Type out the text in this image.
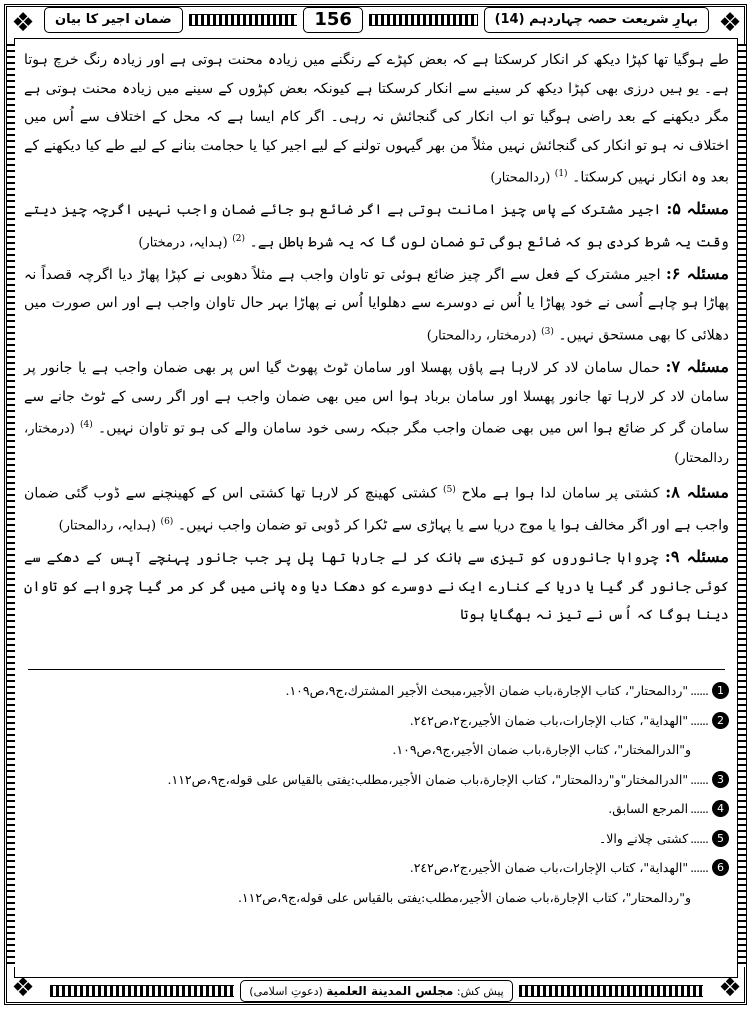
❖	❖
❖	❖
ضمان اجیر کا بیان	156	بہارِ شریعت حصہ چہاردہم (14)

طے ہوگیا تھا کپڑا دیکھ کر انکار کرسکتا ہے کہ بعض کپڑے کے رنگنے میں زیادہ محنت ہوتی ہے اور زیادہ رنگ خرچ ہوتا ہے۔ یو ہیں درزی بھی کپڑا دیکھ کر سینے سے انکار کرسکتا ہے کیونکہ بعض کپڑوں کے سینے میں زیادہ محنت ہوتی ہے مگر دیکھنے کے بعد راضی ہوگیا تو اب انکار کی گنجائش نہ رہی۔ اگر کام ایسا ہے کہ محل کے اختلاف سے اُس میں اختلاف نہ ہو تو انکار کی گنجائش نہیں مثلاً من بھر گیہوں تولنے کے لیے اجیر کیا یا حجامت بنانے کے لیے طے کیا دیکھنے کے بعد وہ انکار نہیں کرسکتا۔ $^{(1)}$ (ردالمحتار)

مسئلہ ۵: اجیر مشترک کے پاس چیز امانت ہوتی ہے اگر ضائع ہو جائے ضمان واجب نہیں اگرچہ چیز دیتے وقت یہ شرط کردی ہو کہ ضائع ہوگی تو ضمان لوں گا کہ یہ شرط باطل ہے۔ $^{(2)}$ (ہدایہ، درمختار)

مسئلہ ۶: اجیر مشترک کے فعل سے اگر چیز ضائع ہوئی تو تاوان واجب ہے مثلاً دھوبی نے کپڑا پھاڑ دیا اگرچہ قصداً نہ پھاڑا ہو چاہے اُسی نے خود پھاڑا یا اُس نے دوسرے سے دھلوایا اُس نے پھاڑا بہر حال تاوان واجب ہے اور اس صورت میں دھلائی کا بھی مستحق نہیں۔ $^{(3)}$ (درمختار، ردالمحتار)

مسئلہ ۷: حمال سامان لاد کر لارہا ہے پاؤں پھسلا اور سامان ٹوٹ پھوٹ گیا اس پر بھی ضمان واجب ہے یا جانور پر سامان لاد کر لارہا تھا جانور پھسلا اور سامان برباد ہوا اس میں بھی ضمان واجب ہے اور اگر رسی کے ٹوٹ جانے سے سامان گر کر ضائع ہوا اس میں بھی ضمان واجب مگر جبکہ رسی خود سامان والے کی ہو تو تاوان نہیں۔ $^{(4)}$ (درمختار، ردالمحتار)

مسئلہ ۸: کشتی پر سامان لدا ہوا ہے ملاح $^{(5)}$ کشتی کھینچ کر لارہا تھا کشتی اس کے کھینچنے سے ڈوب گئی ضمان واجب ہے اور اگر مخالف ہوا یا موج دریا سے یا پہاڑی سے ٹکرا کر ڈوبی تو ضمان واجب نہیں۔ $^{(6)}$ (ہدایہ، ردالمحتار)

مسئلہ ۹: چرواہا جانوروں کو تیزی سے ہانک کر لے جارہا تھا پل پر جب جانور پہنچے آپس کے دھکے سے کوئی جانور گر گیا یا دریا کے کنارے ایک نے دوسرے کو دھکا دیا وہ پانی میں گر کر مر گیا چرواہے کو تاوان دینا ہوگا کہ اُس نے تیز نہ بھگایا ہوتا

1
......
"ردالمحتار"، كتاب الإجارة،باب ضمان الأجير،مبحث الأجير المشترك،ج٩،ص١٠٩.
2
......
"الهداية"، كتاب الإجارات،باب ضمان الأجير،ج٢،ص٢٤٢.
و"الدرالمختار"، كتاب الإجارة،باب ضمان الأجير،ج٩،ص١٠٩.
3
......
"الدرالمختار"و"ردالمحتار"، كتاب الإجارة،باب ضمان الأجير،مطلب:يفتى بالقياس على قوله،ج٩،ص١١٢.
4
......
المرجع السابق.
5
......
کشتی چلانے والا۔
6
......
"الهداية"، كتاب الإجارات،باب ضمان الأجير،ج٢،ص٢٤٢.
و"ردالمحتار"، كتاب الإجارة،باب ضمان الأجير،مطلب:يفتى بالقياس على قوله،ج٩،ص١١٢.
پیش کش: مجلس المدينة العلمية (دعوتِ اسلامی)
